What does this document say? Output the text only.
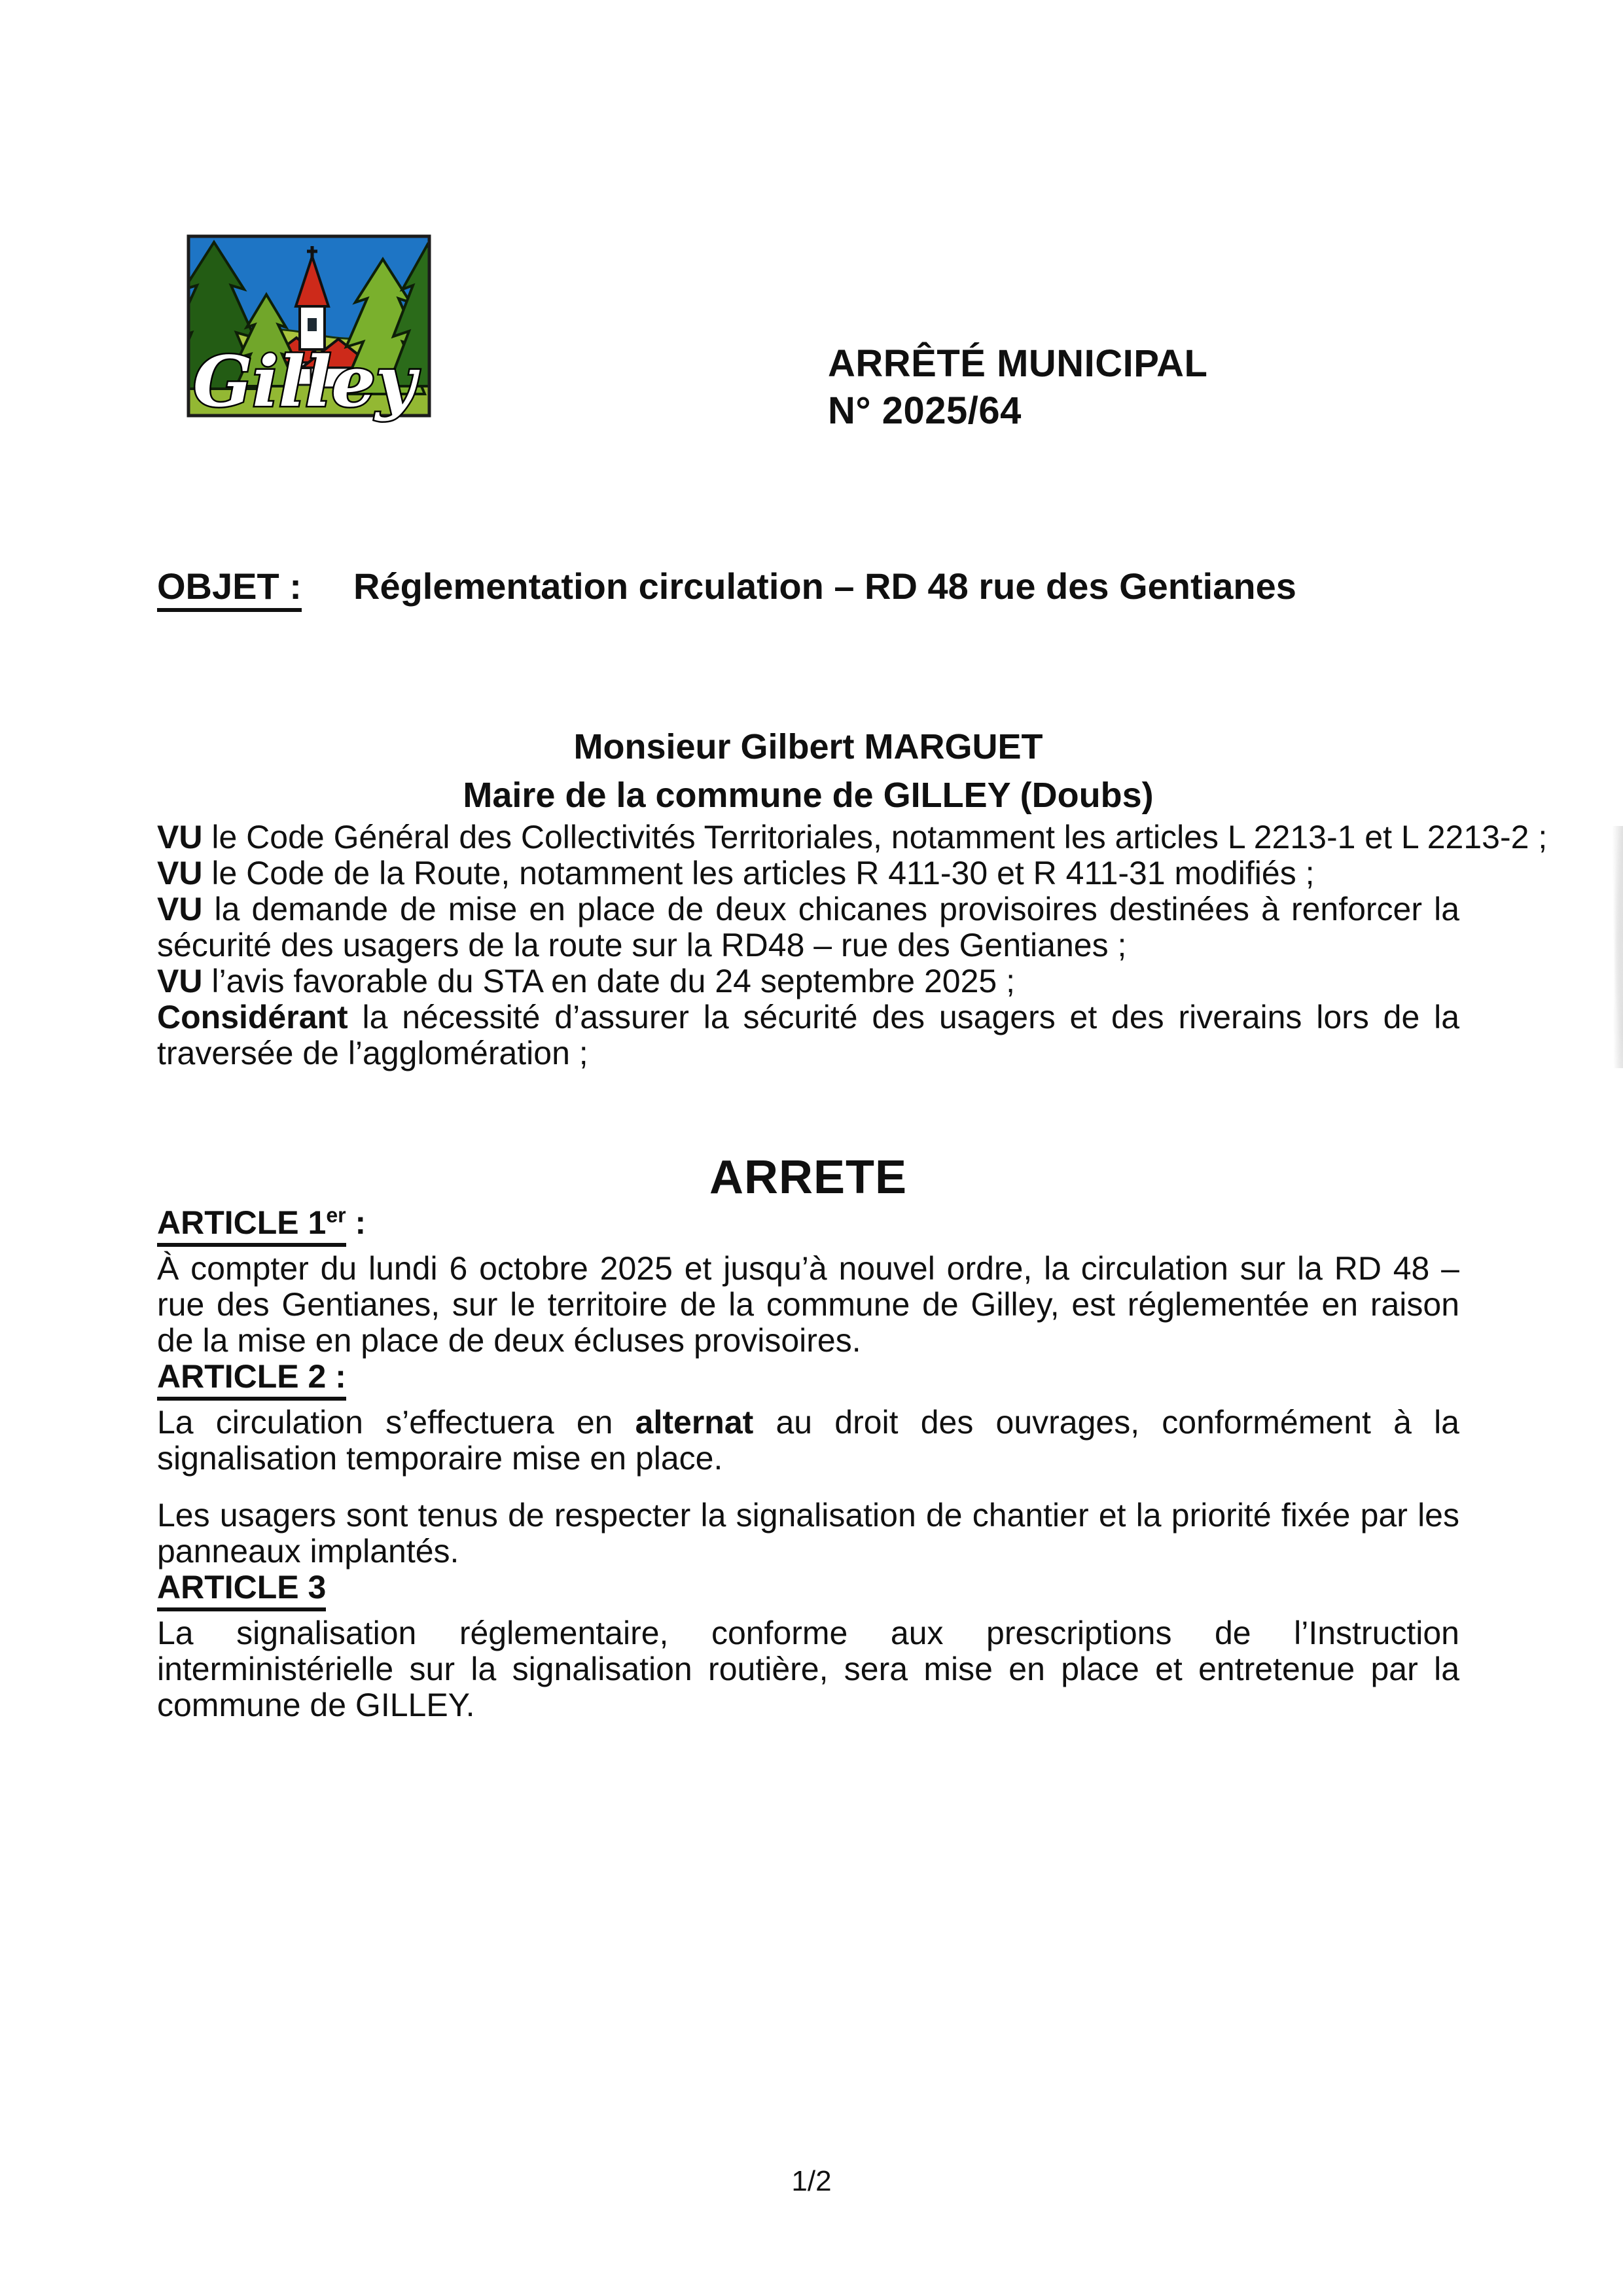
Gilley	ARRÊTÉ MUNICIPAL
N° 2025/64
OBJET : Réglementation circulation – RD 48 rue des Gentianes
Monsieur Gilbert MARGUET
Maire de la commune de GILLEY (Doubs)

VU le Code Général des Collectivités Territoriales, notamment les articles L 2213-1 et L 2213-2 ;

VU le Code de la Route, notamment les articles R 411-30 et R 411-31 modifiés ;

VU la demande de mise en place de deux chicanes provisoires destinées à renforcer la sécurité des usagers de la route sur la RD48 – rue des Gentianes ;

VU l’avis favorable du STA en date du 24 septembre 2025 ;

Considérant la nécessité d’assurer la sécurité des usagers et des riverains lors de la traversée de l’agglomération ;

ARRETE
ARTICLE 1er :

À compter du lundi 6 octobre 2025 et jusqu’à nouvel ordre, la circulation sur la RD 48 – rue des Gentianes, sur le territoire de la commune de Gilley, est réglementée en raison de la mise en place de deux écluses provisoires.

ARTICLE 2 :

La circulation s’effectuera en alternat au droit des ouvrages, conformément à la signalisation temporaire mise en place.

Les usagers sont tenus de respecter la signalisation de chantier et la priorité fixée par les panneaux implantés.

ARTICLE 3

La signalisation réglementaire, conforme aux prescriptions de l’Instruction interministérielle sur la signalisation routière, sera mise en place et entretenue par la commune de GILLEY.

1/2
